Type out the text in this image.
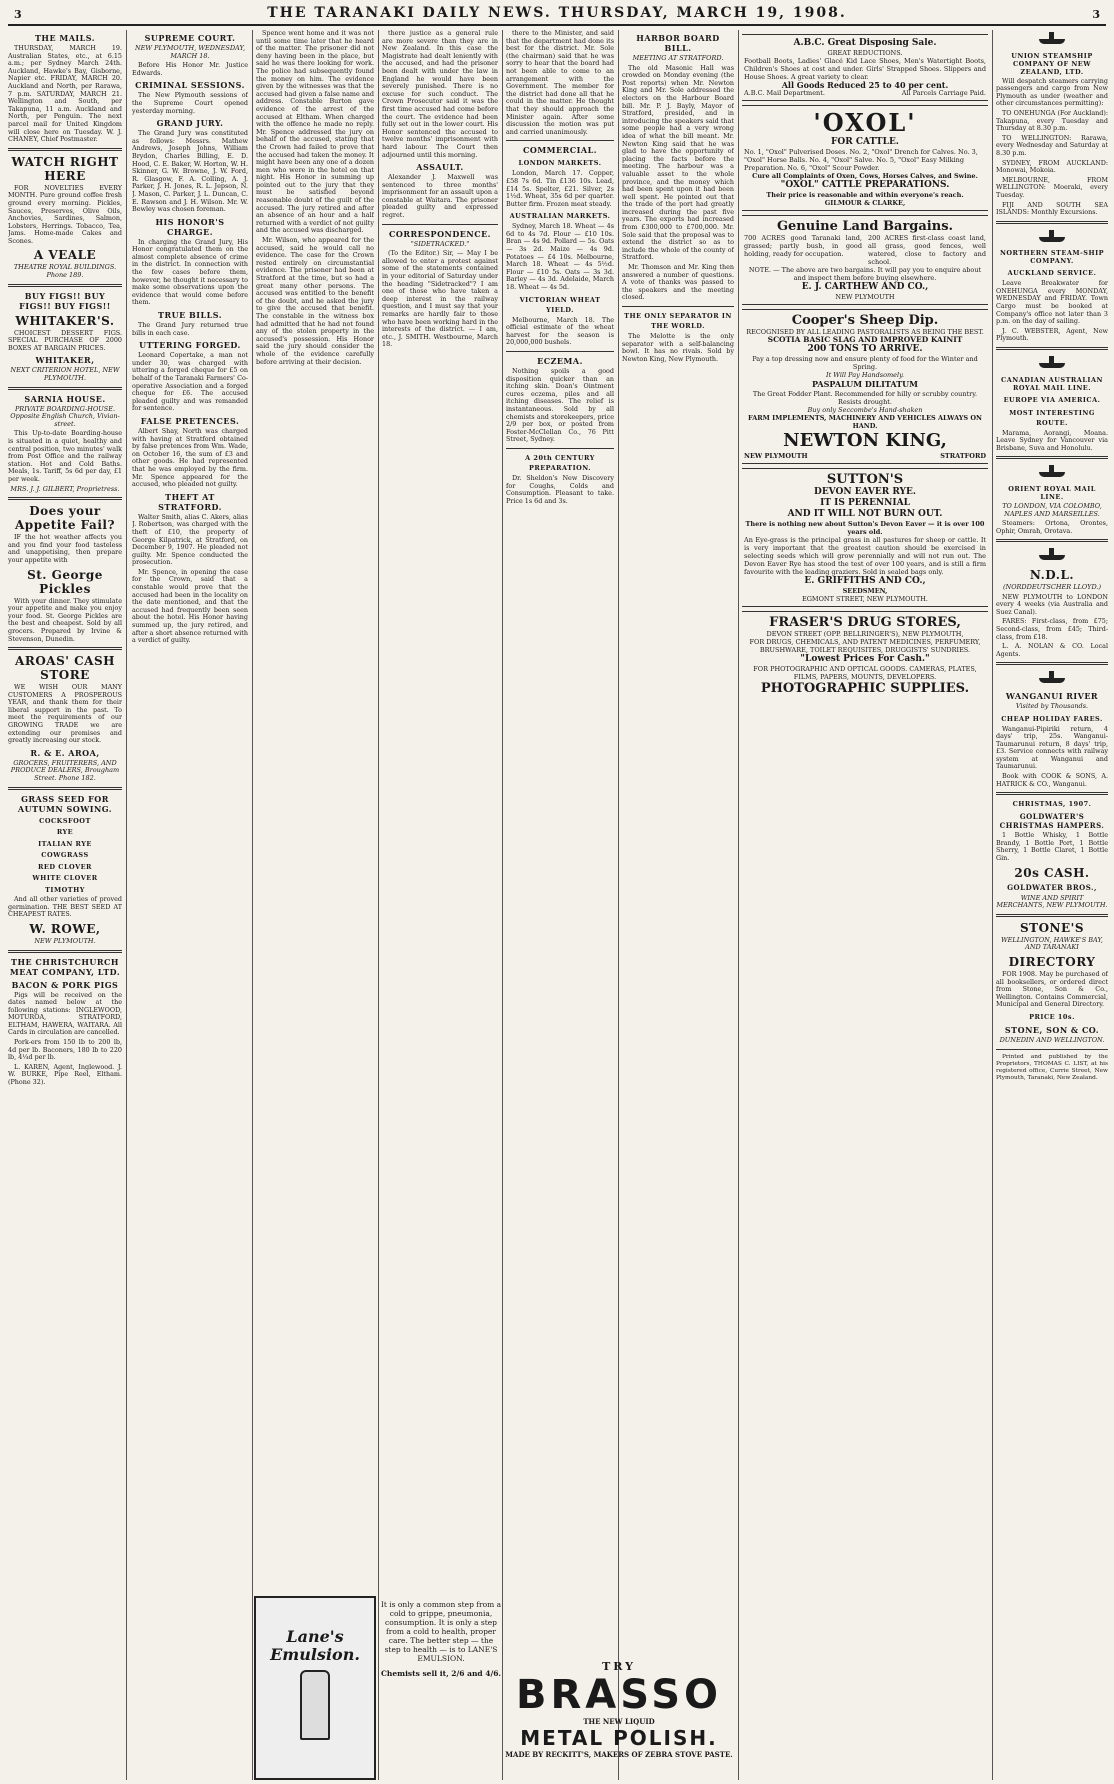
3	THE TARANAKI DAILY NEWS. THURSDAY, MARCH 19, 1908.	3
THE MAILS.

THURSDAY, MARCH 19. Australian States, etc., at 6.15 a.m.; per Sydney March 24th. Auckland, Hawke's Bay, Gisborne, Napier etc. FRIDAY, MARCH 20. Auckland and North, per Rarawa, 7 p.m. SATURDAY, MARCH 21. Wellington and South, per Takapuna, 11 a.m. Auckland and North, per Penguin. The next parcel mail for United Kingdom will close here on Tuesday. W. J. CHANEY, Chief Postmaster.

WATCH RIGHT HERE

FOR NOVELTIES EVERY MONTH. Pure ground coffee fresh ground every morning. Pickles, Sauces, Preserves, Olive Oils, Anchovies, Sardines, Salmon, Lobsters, Herrings. Tobacco, Tea, Jams. Home-made Cakes and Scones.

A VEALE
THEATRE ROYAL BUILDINGS. Phone 189.
BUY FIGS!! BUY FIGS!! BUY FIGS!!
WHITAKER'S.

CHOICEST DESSERT FIGS. SPECIAL PURCHASE OF 2000 BOXES AT BARGAIN PRICES.

WHITAKER,
NEXT CRITERION HOTEL, NEW PLYMOUTH.
SARNIA HOUSE.
PRIVATE BOARDING-HOUSE. Opposite English Church, Vivian-street.

This Up-to-date Boarding-house is situated in a quiet, healthy and central position, two minutes' walk from Post Office and the railway station. Hot and Cold Baths. Meals, 1s. Tariff, 5s 6d per day, £1 per week.

MRS. J. J. GILBERT, Proprietress.
Does your Appetite Fail?

IF the hot weather affects you and you find your food tasteless and unappetising, then prepare your appetite with

St. George Pickles

With your dinner. They stimulate your appetite and make you enjoy your food. St. George Pickles are the best and cheapest. Sold by all grocers. Prepared by Irvine & Stevenson, Dunedin.

AROAS' CASH STORE

WE WISH OUR MANY CUSTOMERS A PROSPEROUS YEAR, and thank them for their liberal support in the past. To meet the requirements of our GROWING TRADE we are extending our premises and greatly increasing our stock.

R. & E. AROA,
GROCERS, FRUITERERS, AND PRODUCE DEALERS, Brougham Street. Phone 182.
GRASS SEED FOR AUTUMN SOWING.
COCKSFOOT
RYE
ITALIAN RYE
COWGRASS
RED CLOVER
WHITE CLOVER
TIMOTHY

And all other varieties of proved germination. THE BEST SEED AT CHEAPEST RATES.

W. ROWE,
NEW PLYMOUTH.
THE CHRISTCHURCH MEAT COMPANY, LTD.
BACON & PORK PIGS

Pigs will be received on the dates named below at the following stations: INGLEWOOD, MOTUROA, STRATFORD, ELTHAM, HAWERA, WAITARA. All Cards in circulation are cancelled.

Pork-ers from 150 lb to 200 lb, 4d per lb. Baconers, 180 lb to 220 lb, 4¼d per lb.

L. KAREN, Agent, Inglewood. J. W. BURKE, Pipe Reel, Eltham. (Phone 32).

SUPREME COURT.
NEW PLYMOUTH, WEDNESDAY, MARCH 18.

Before His Honor Mr. Justice Edwards.

CRIMINAL SESSIONS.

The New Plymouth sessions of the Supreme Court opened yesterday morning.

GRAND JURY.

The Grand Jury was constituted as follows: Messrs. Mathew Andrews, Joseph Johns, William Brydon, Charles Billing, E. D. Hood, C. E. Baker, W. Horton, W. H. Skinner, G. W. Browne, J. W. Ford, R. Glasgow, F. A. Colling, A. J. Parker, J. H. Jones, R. L. Jepson, N. J. Mason, C. Parker, J. L. Duncan, C. E. Rawson and J. H. Wilson. Mr. W. Bewley was chosen foreman.

HIS HONOR'S CHARGE.

In charging the Grand Jury, His Honor congratulated them on the almost complete absence of crime in the district. In connection with the few cases before them, however, he thought it necessary to make some observations upon the evidence that would come before them.

TRUE BILLS.

The Grand Jury returned true bills in each case.

UTTERING FORGED.

Leonard Copertake, a man not under 30, was charged with uttering a forged cheque for £5 on behalf of the Taranaki Farmers' Co-operative Association and a forged cheque for £6. The accused pleaded guilty and was remanded for sentence.

FALSE PRETENCES.

Albert Shay, North was charged with having at Stratford obtained by false pretences from Wm. Wade, on October 16, the sum of £3 and other goods. He had represented that he was employed by the firm. Mr. Spence appeared for the accused, who pleaded not guilty.

THEFT AT STRATFORD.

Walter Smith, alias C. Akers, alias J. Robertson, was charged with the theft of £10, the property of George Kilpatrick, at Stratford, on December 9, 1907. He pleaded not guilty. Mr. Spence conducted the prosecution.

Mr. Spence, in opening the case for the Crown, said that a constable would prove that the accused had been in the locality on the date mentioned, and that the accused had frequently been seen about the hotel. His Honor having summed up, the jury retired, and after a short absence returned with a verdict of guilty.

Spence went home and it was not until some time later that he heard of the matter. The prisoner did not deny having been in the place, but said he was there looking for work. The police had subsequently found the money on him. The evidence given by the witnesses was that the accused had given a false name and address. Constable Burton gave evidence of the arrest of the accused at Eltham. When charged with the offence he made no reply. Mr. Spence addressed the jury on behalf of the accused, stating that the Crown had failed to prove that the accused had taken the money. It might have been any one of a dozen men who were in the hotel on that night. His Honor in summing up pointed out to the jury that they must be satisfied beyond reasonable doubt of the guilt of the accused. The jury retired and after an absence of an hour and a half returned with a verdict of not guilty and the accused was discharged.

Mr. Wilson, who appeared for the accused, said he would call no evidence. The case for the Crown rested entirely on circumstantial evidence. The prisoner had been at Stratford at the time, but so had a great many other persons. The accused was entitled to the benefit of the doubt, and he asked the jury to give the accused that benefit. The constable in the witness box had admitted that he had not found any of the stolen property in the accused's possession. His Honor said the jury should consider the whole of the evidence carefully before arriving at their decision.

Lane's Emulsion.

It is only a common step from a cold to grippe, pneumonia, consumption. It is only a step from a cold to health, proper care. The better step — the step to health — is to LANE'S EMULSION.

Chemists sell it, 2/6 and 4/6.

there justice as a general rule are more severe than they are in New Zealand. In this case the Magistrate had dealt leniently with the accused, and had the prisoner been dealt with under the law in England he would have been severely punished. There is no excuse for such conduct. The Crown Prosecutor said it was the first time accused had come before the court. The evidence had been fully set out in the lower court. His Honor sentenced the accused to twelve months' imprisonment with hard labour. The Court then adjourned until this morning.

ASSAULT.

Alexander J. Maxwell was sentenced to three months' imprisonment for an assault upon a constable at Waitara. The prisoner pleaded guilty and expressed regret.

CORRESPONDENCE.
"SIDETRACKED."

(To the Editor.) Sir, — May I be allowed to enter a protest against some of the statements contained in your editorial of Saturday under the heading "Sidetracked"? I am one of those who have taken a deep interest in the railway question, and I must say that your remarks are hardly fair to those who have been working hard in the interests of the district. — I am, etc., J. SMITH. Westbourne, March 18.

there to the Minister, and said that the department had done its best for the district. Mr. Sole (the chairman) said that he was sorry to hear that the board had not been able to come to an arrangement with the Government. The member for the district had done all that he could in the matter. He thought that they should approach the Minister again. After some discussion the motion was put and carried unanimously.

COMMERCIAL.
LONDON MARKETS.

London, March 17. Copper, £58 7s 6d. Tin £136 10s. Lead, £14 5s. Spelter, £21. Silver, 2s 1½d. Wheat, 35s 6d per quarter. Butter firm. Frozen meat steady.

AUSTRALIAN MARKETS.

Sydney, March 18. Wheat — 4s 6d to 4s 7d. Flour — £10 10s. Bran — 4s 9d. Pollard — 5s. Oats — 3s 2d. Maize — 4s 9d. Potatoes — £4 10s. Melbourne, March 18. Wheat — 4s 5½d. Flour — £10 5s. Oats — 3s 3d. Barley — 4s 3d. Adelaide, March 18. Wheat — 4s 5d.

VICTORIAN WHEAT YIELD.

Melbourne, March 18. The official estimate of the wheat harvest for the season is 20,000,000 bushels.

ECZEMA.

Nothing spoils a good disposition quicker than an itching skin. Doan's Ointment cures eczema, piles and all itching diseases. The relief is instantaneous. Sold by all chemists and storekeepers, price 2/9 per box, or posted from Foster-McClellan Co., 76 Pitt Street, Sydney.

A 20th CENTURY PREPARATION.

Dr. Sheldon's New Discovery for Coughs, Colds and Consumption. Pleasant to take. Price 1s 6d and 3s.

HARBOR BOARD BILL.
MEETING AT STRATFORD.

The old Masonic Hall was crowded on Monday evening (the Post reports) when Mr. Newton King and Mr. Sole addressed the electors on the Harbour Board bill. Mr. P. J. Bayly, Mayor of Stratford, presided, and in introducing the speakers said that some people had a very wrong idea of what the bill meant. Mr. Newton King said that he was glad to have the opportunity of placing the facts before the meeting. The harbour was a valuable asset to the whole province, and the money which had been spent upon it had been well spent. He pointed out that the trade of the port had greatly increased during the past five years. The exports had increased from £300,000 to £700,000. Mr. Sole said that the proposal was to extend the district so as to include the whole of the county of Stratford.

Mr. Thomson and Mr. King then answered a number of questions. A vote of thanks was passed to the speakers and the meeting closed.

THE ONLY SEPARATOR IN THE WORLD.

The Melotte is the only separator with a self-balancing bowl. It has no rivals. Sold by Newton King, New Plymouth.

TRY
BRASSO
THE NEW LIQUID
METAL POLISH.
MADE BY RECKITT'S, MAKERS OF ZEBRA STOVE PASTE.
A.B.C. Great Disposing Sale.
GREAT REDUCTIONS.
Football Boots, Ladies' Glacé Kid Lace Shoes, Men's Watertight Boots, Children's Shoes at cost and under. Girls' Strapped Shoes. Slippers and House Shoes. A great variety to clear.
All Goods Reduced 25 to 40 per cent.
A.B.C. Mail Department.	All Parcels Carriage Paid.
'OXOL'
FOR CATTLE.
No. 1, "Oxol" Pulverised Doses. No. 2, "Oxol" Drench for Calves. No. 3, "Oxol" Horse Balls. No. 4, "Oxol" Salve. No. 5, "Oxol" Easy Milking Preparation. No. 6, "Oxol" Scour Powder.
Cure all Complaints of Oxen, Cows, Horses Calves, and Swine.
"OXOL" CATTLE PREPARATIONS.
Their price is reasonable and within everyone's reach.
GILMOUR & CLARKE,
Genuine Land Bargains.
700 ACRES good Taranaki land, grassed; partly bush, in good holding, ready for occupation.
200 ACRES first-class coast land, all grass, good fences, well watered, close to factory and school.
NOTE. — The above are two bargains. It will pay you to enquire about and inspect them before buying elsewhere.
E. J. CARTHEW AND CO.,
NEW PLYMOUTH
Cooper's Sheep Dip.
RECOGNISED BY ALL LEADING PASTORALISTS AS BEING THE BEST.
SCOTIA BASIC SLAG AND IMPROVED KAINIT
200 TONS TO ARRIVE.
Pay a top dressing now and ensure plenty of food for the Winter and Spring.
It Will Pay Handsomely.
PASPALUM DILITATUM
The Great Fodder Plant. Recommended for hilly or scrubby country. Resists drought.
Buy only Seccombe's Hand-shaken
FARM IMPLEMENTS, MACHINERY AND VEHICLES ALWAYS ON HAND.
NEWTON KING,
NEW PLYMOUTH	STRATFORD
SUTTON'S
DEVON EAVER RYE.
IT IS PERENNIAL
AND IT WILL NOT BURN OUT.
There is nothing new about Sutton's Devon Eaver — it is over 100 years old.
An Eye-grass is the principal grass in all pastures for sheep or cattle. It is very important that the greatest caution should be exercised in selecting seeds which will grow perennially and will not run out. The Devon Eaver Rye has stood the test of over 100 years, and is still a firm favourite with the leading graziers. Sold in sealed bags only.
E. GRIFFITHS AND CO.,
SEEDSMEN,
EGMONT STREET, NEW PLYMOUTH.
FRASER'S DRUG STORES,
DEVON STREET (OPP. BELLRINGER'S), NEW PLYMOUTH,
FOR DRUGS, CHEMICALS, AND PATENT MEDICINES, PERFUMERY, BRUSHWARE, TOILET REQUISITES, DRUGGISTS' SUNDRIES.
"Lowest Prices For Cash."
FOR PHOTOGRAPHIC AND OPTICAL GOODS. CAMERAS, PLATES, FILMS, PAPERS, MOUNTS, DEVELOPERS.
PHOTOGRAPHIC SUPPLIES.
UNION STEAMSHIP COMPANY OF NEW ZEALAND, LTD.

Will despatch steamers carrying passengers and cargo from New Plymouth as under (weather and other circumstances permitting):

TO ONEHUNGA (For Auckland): Takapuna, every Tuesday and Thursday at 8.30 p.m.

TO WELLINGTON: Rarawa, every Wednesday and Saturday at 8.30 p.m.

SYDNEY, FROM AUCKLAND: Monowai, Mokoia.

MELBOURNE, FROM WELLINGTON: Moeraki, every Tuesday.

FIJI AND SOUTH SEA ISLANDS: Monthly Excursions.

NORTHERN STEAM-SHIP COMPANY.
AUCKLAND SERVICE.

Leave Breakwater for ONEHUNGA every MONDAY, WEDNESDAY and FRIDAY. Town Cargo must be booked at Company's office not later than 3 p.m. on the day of sailing.

J. C. WEBSTER, Agent, New Plymouth.

CANADIAN AUSTRALIAN ROYAL MAIL LINE.
EUROPE VIA AMERICA.
MOST INTERESTING ROUTE.

Marama, Aorangi, Moana. Leave Sydney for Vancouver via Brisbane, Suva and Honolulu.

ORIENT ROYAL MAIL LINE.
TO LONDON, VIA COLOMBO, NAPLES AND MARSEILLES.

Steamers: Ortona, Orontes, Ophir, Omrah, Orotava.

N.D.L.
(NORDDEUTSCHER LLOYD.)

NEW PLYMOUTH to LONDON every 4 weeks (via Australia and Suez Canal).

FARES: First-class, from £75; Second-class, from £45; Third-class, from £18.

L. A. NOLAN & CO. Local Agents.

WANGANUI RIVER
Visited by Thousands.
CHEAP HOLIDAY FARES.

Wanganui-Pipiriki return, 4 days' trip, 25s. Wanganui-Taumarunui return, 8 days' trip, £3. Service connects with railway system at Wanganui and Taumarunui.

Book with COOK & SONS, A. HATRICK & CO., Wanganui.

CHRISTMAS, 1907.
GOLDWATER'S CHRISTMAS HAMPERS.

1 Bottle Whisky, 1 Bottle Brandy, 1 Bottle Port, 1 Bottle Sherry, 1 Bottle Claret, 1 Bottle Gin.

20s CASH.
GOLDWATER BROS.,
WINE AND SPIRIT MERCHANTS, NEW PLYMOUTH.
STONE'S
WELLINGTON, HAWKE'S BAY, AND TARANAKI
DIRECTORY

FOR 1908. May be purchased of all booksellers, or ordered direct from Stone, Son & Co., Wellington. Contains Commercial, Municipal and General Directory.

PRICE 10s.
STONE, SON & CO.
DUNEDIN AND WELLINGTON.

Printed and published by the Proprietors, THOMAS C. LIST, at his registered office, Currie Street, New Plymouth, Taranaki, New Zealand.
